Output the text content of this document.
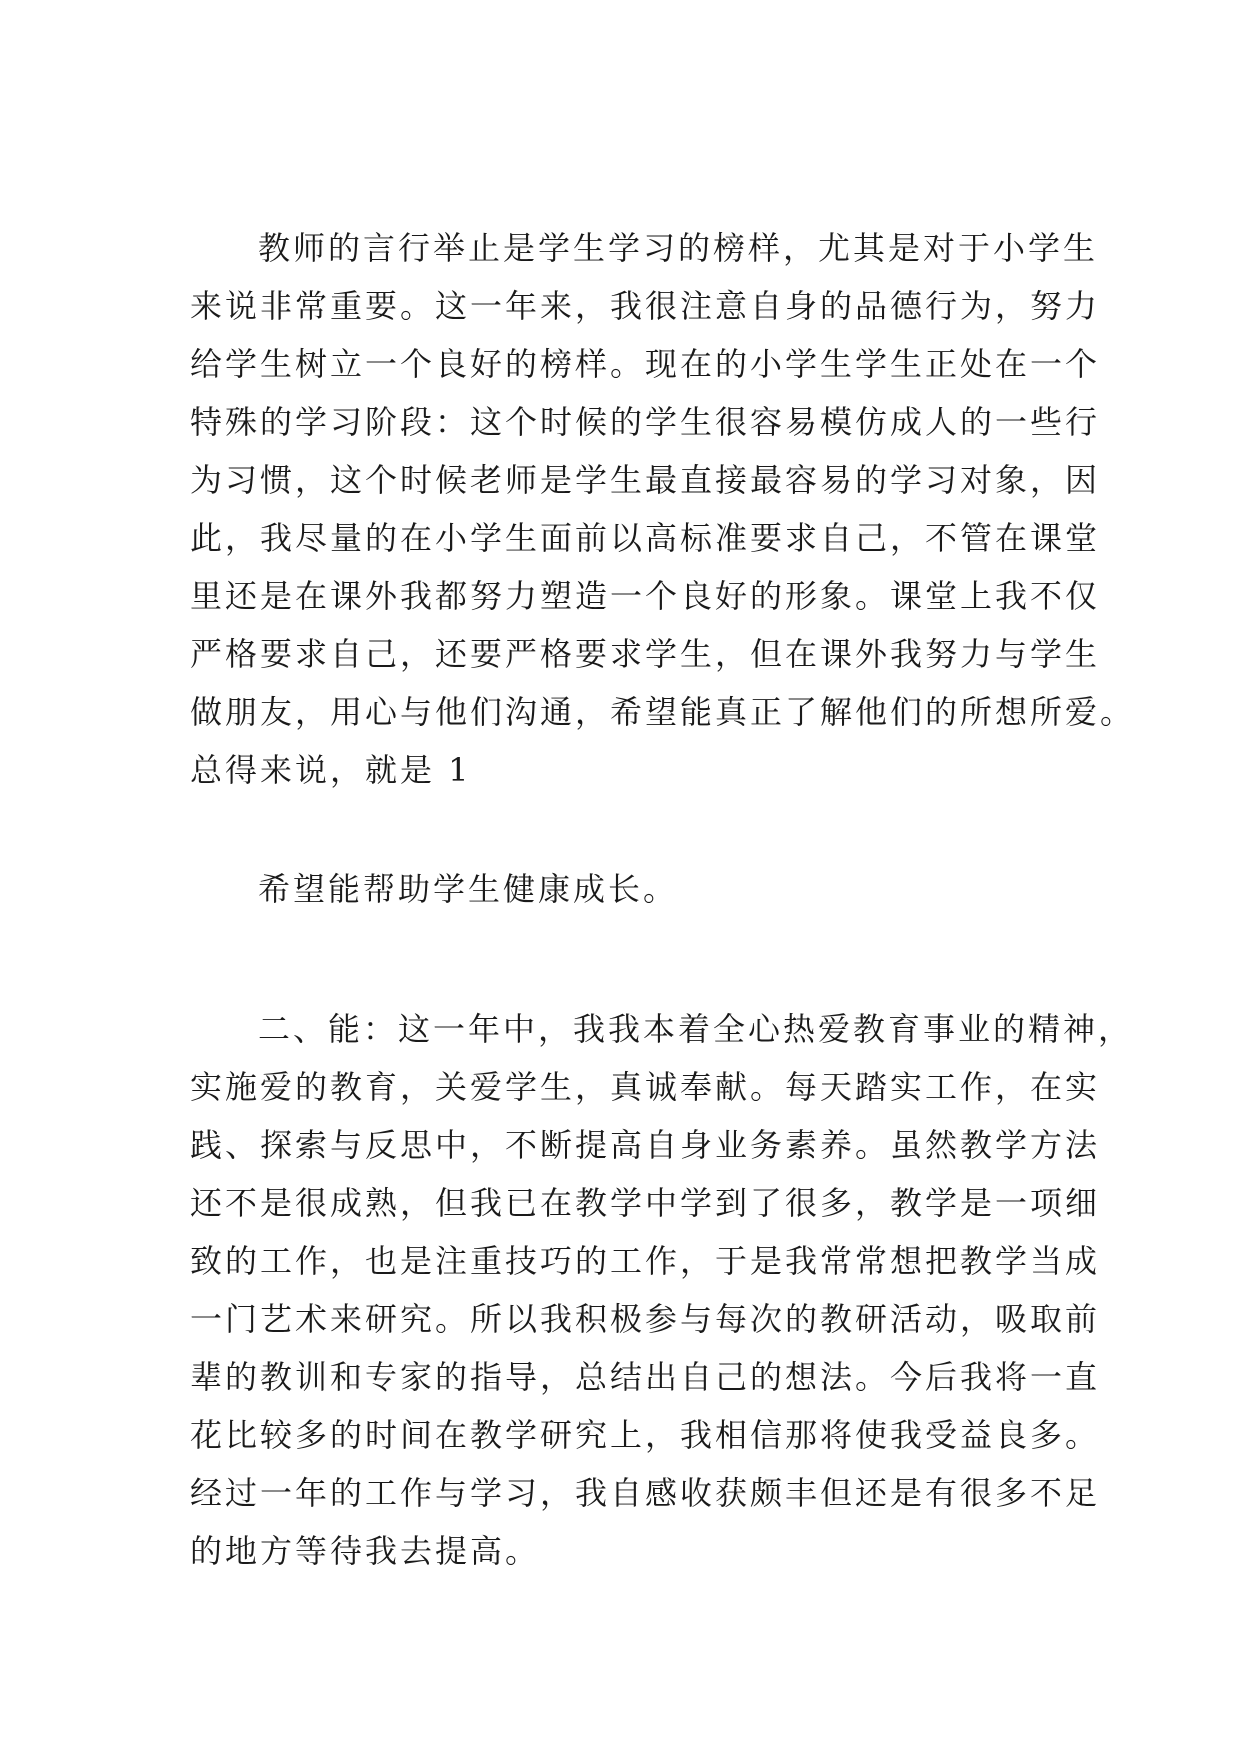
教师的言行举止是学生学习的榜样，尤其是对于小学生
来说非常重要。这一年来，我很注意自身的品德行为，努力
给学生树立一个良好的榜样。现在的小学生学生正处在一个
特殊的学习阶段：这个时候的学生很容易模仿成人的一些行
为习惯，这个时候老师是学生最直接最容易的学习对象，因
此，我尽量的在小学生面前以高标准要求自己，不管在课堂
里还是在课外我都努力塑造一个良好的形象。课堂上我不仅
严格要求自己，还要严格要求学生，但在课外我努力与学生
做朋友，用心与他们沟通，希望能真正了解他们的所想所爱。
总得来说，就是 1
希望能帮助学生健康成长。
二、能：这一年中，我我本着全心热爱教育事业的精神，
实施爱的教育，关爱学生，真诚奉献。每天踏实工作，在实
践、探索与反思中，不断提高自身业务素养。虽然教学方法
还不是很成熟，但我已在教学中学到了很多，教学是一项细
致的工作，也是注重技巧的工作，于是我常常想把教学当成
一门艺术来研究。所以我积极参与每次的教研活动，吸取前
辈的教训和专家的指导，总结出自己的想法。今后我将一直
花比较多的时间在教学研究上，我相信那将使我受益良多。
经过一年的工作与学习，我自感收获颇丰但还是有很多不足
的地方等待我去提高。
